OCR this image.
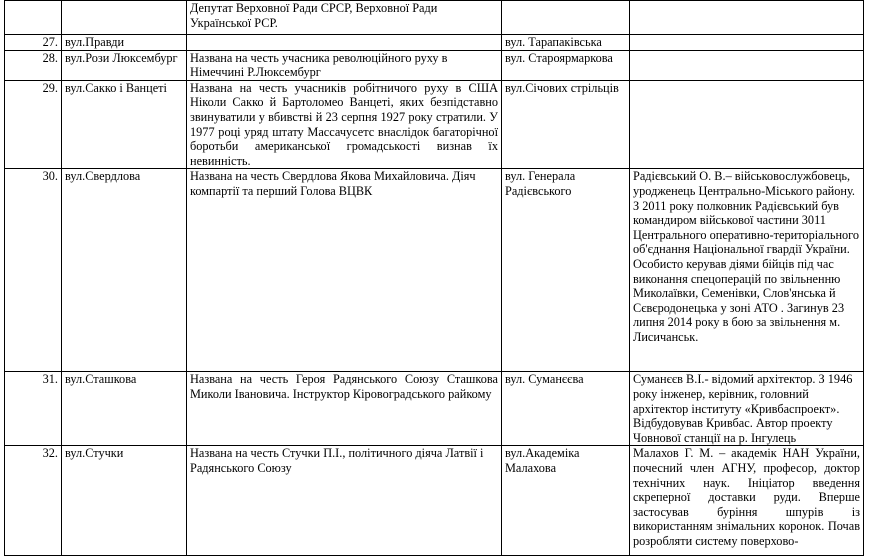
		Депутат Верховної Ради СРСР, Верховної Ради Української РСР.		
27.	вул.Правди		вул. Тарапаківська	
28.	вул.Рози Люксембург	Названа на честь учасника революційного руху в Німеччині Р.Люксембург	вул. Староярмаркова	
29.	вул.Сакко і Ванцеті	Названа на честь учасників робітничого руху в США Ніколи Сакко й Бартоломео Ванцеті, яких безпідставно звинуватили у вбивстві й 23 серпня 1927 року стратили. У 1977 році уряд штату Массачусетс внаслідок багаторічної боротьби американської громадськості визнав їх невинність.	вул.Січових стрільців	
30.	вул.Свердлова	Названа на честь Свердлова Якова Михайловича. Діяч компартії та перший Голова ВЦВК	вул. Генерала Радієвського	Радієвський О. В.– військовослужбовець, уродженець Центрально-Міського району. З 2011 року полковник Радієвський був командиром військової частини 3011 Центрального оперативно-територіального об'єднання Національної гвардії України. Особисто керував діями бійців під час виконання спецоперацій по звільненню Миколаївки, Семенівки, Слов'янська й Сєвєродонецька у зоні АТО . Загинув 23 липня 2014 року в бою за звільнення м. Лисичанськ.
31.	вул.Сташкова	Названа на честь Героя Радянського Союзу Сташкова Миколи Івановича. Інструктор Кіровоградського райкому	вул. Суманєєва	Суманєєв В.І.- відомий архітектор. З 1946 року інженер, керівник, головний архітектор інституту «Кривбаспроект». Відбудовував Кривбас. Автор проекту Човнової станції на р. Інгулець
32.	вул.Стучки	Названа на честь Стучки П.І., політичного діяча Латвії і Радянського Союзу	вул.Академіка Малахова	Малахов Г. М. – академік НАН України, почесний член АГНУ, професор, доктор технічних наук. Ініціатор введення скреперної доставки руди. Вперше застосував буріння шпурів із використанням знімальних коронок. Почав розробляти систему поверхово-
